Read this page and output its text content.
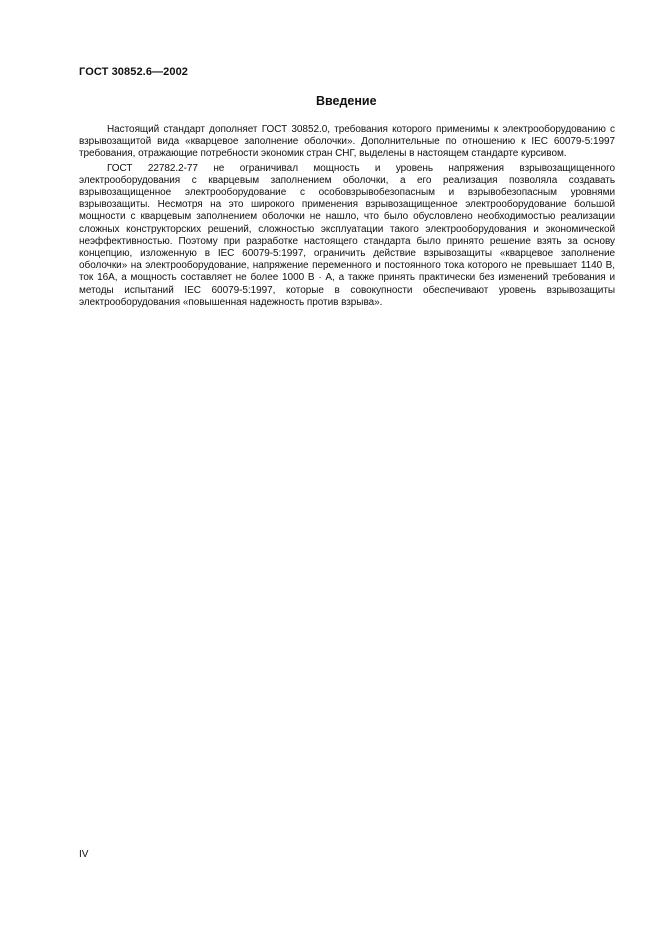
ГОСТ 30852.6—2002
Введение

Настоящий стандарт дополняет ГОСТ 30852.0, требования которого применимы к электрооборудованию с взрывозащитой вида «кварцевое заполнение оболочки». Дополнительные по отношению к IEC 60079-5:1997 требования, отражающие потребности экономик стран СНГ, выделены в настоящем стандарте курсивом.

ГОСТ 22782.2-77 не ограничивал мощность и уровень напряжения взрывозащищенного электрооборудования с кварцевым заполнением оболочки, а его реализация позволяла создавать взрывозащищенное электрооборудование с особовзрывобезопасным и взрывобезопасным уровнями взрывозащиты. Несмотря на это широкого применения взрывозащищенное электрооборудование большой мощности с кварцевым заполнением оболочки не нашло, что было обусловлено необходимостью реализации сложных конструкторских решений, сложностью эксплуатации такого электрооборудования и экономической неэффективностью. Поэтому при разработке настоящего стандарта было принято решение взять за основу концепцию, изложенную в IEC 60079-5:1997, ограничить действие взрывозащиты «кварцевое заполнение оболочки» на электрооборудование, напряжение переменного и постоянного тока которого не превышает 1140 В, ток 16А, а мощность составляет не более 1000 В · А, а также принять практически без изменений требования и методы испытаний IEC 60079-5:1997, которые в совокупности обеспечивают уровень взрывозащиты электрооборудования «повышенная надежность против взрыва».

IV
